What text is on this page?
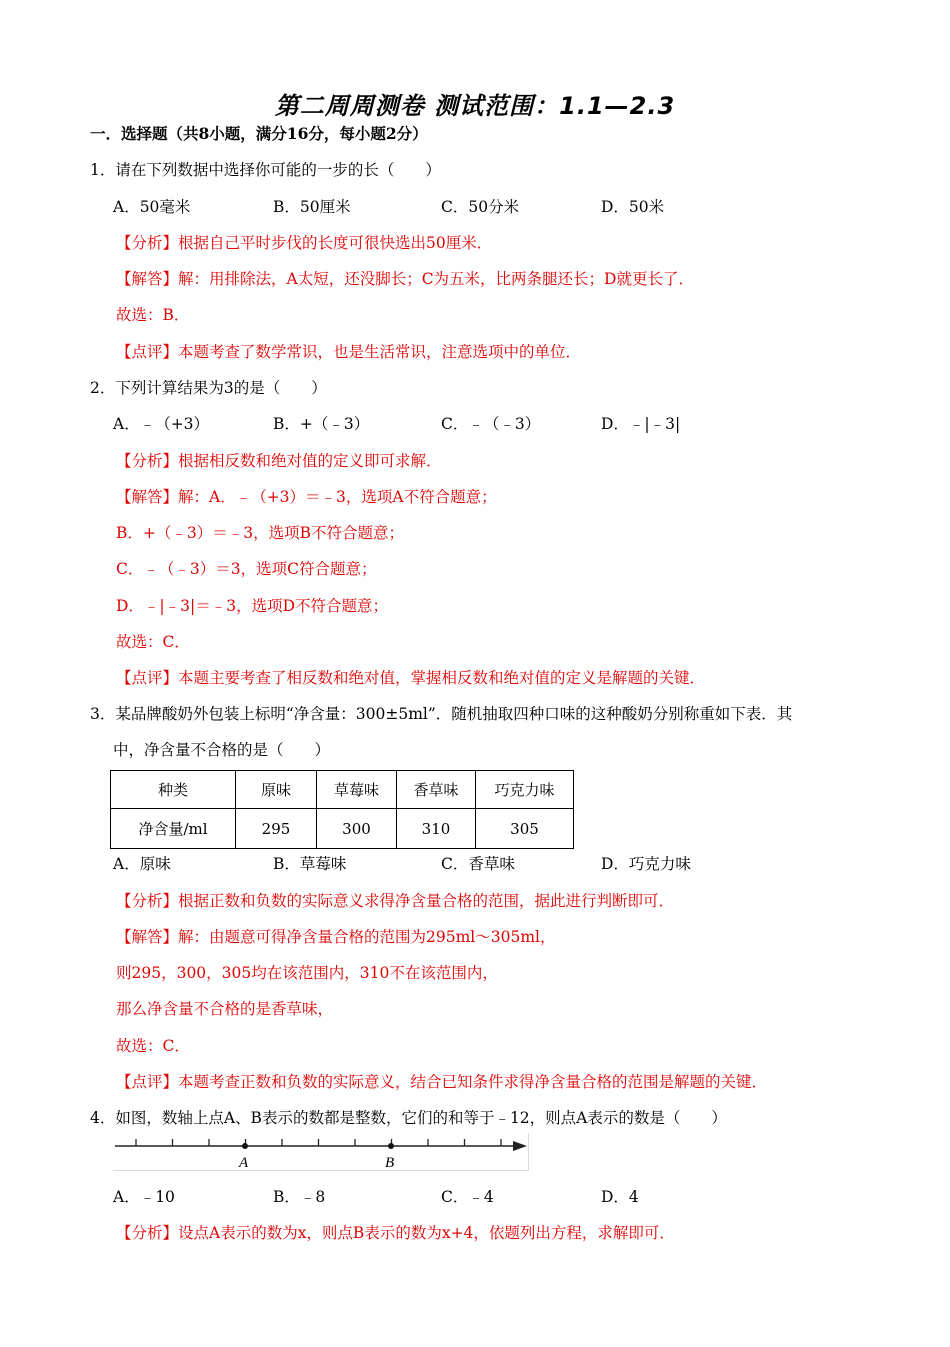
第二周周测卷 测试范围：1.1—2.3
一．选择题（共8小题，满分16分，每小题2分）
1．请在下列数据中选择你可能的一步的长（　　）
A．50毫米	B．50厘米	C．50分米	D．50米
【分析】根据自己平时步伐的长度可很快选出50厘米．
【解答】解：用排除法，A太短，还没脚长；C为五米，比两条腿还长；D就更长了．
故选：B．
【点评】本题考查了数学常识，也是生活常识，注意选项中的单位．
2．下列计算结果为3的是（　　）
A．﹣（+3）	B．+（﹣3）	C．﹣（﹣3）	D．﹣|﹣3|
【分析】根据相反数和绝对值的定义即可求解．
【解答】解：A．﹣（+3）＝﹣3，选项A不符合题意；
B．+（﹣3）＝﹣3，选项B不符合题意；
C．﹣（﹣3）＝3，选项C符合题意；
D．﹣|﹣3|＝﹣3，选项D不符合题意；
故选：C．
【点评】本题主要考查了相反数和绝对值，掌握相反数和绝对值的定义是解题的关键．
3．某品牌酸奶外包装上标明“净含量：300±5ml”．随机抽取四种口味的这种酸奶分别称重如下表．其
中，净含量不合格的是（　　）
种类	原味	草莓味	香草味	巧克力味
净含量/ml	295	300	310	305
A．原味	B．草莓味	C．香草味	D．巧克力味
【分析】根据正数和负数的实际意义求得净含量合格的范围，据此进行判断即可．
【解答】解：由题意可得净含量合格的范围为295ml～305ml，
则295，300，305均在该范围内，310不在该范围内，
那么净含量不合格的是香草味，
故选：C．
【点评】本题考查正数和负数的实际意义，结合已知条件求得净含量合格的范围是解题的关键．
4．如图，数轴上点A、B表示的数都是整数，它们的和等于﹣12，则点A表示的数是（　　）
A	B
A．﹣10	B．﹣8	C．﹣4	D．4
【分析】设点A表示的数为x，则点B表示的数为x+4，依题列出方程，求解即可．
